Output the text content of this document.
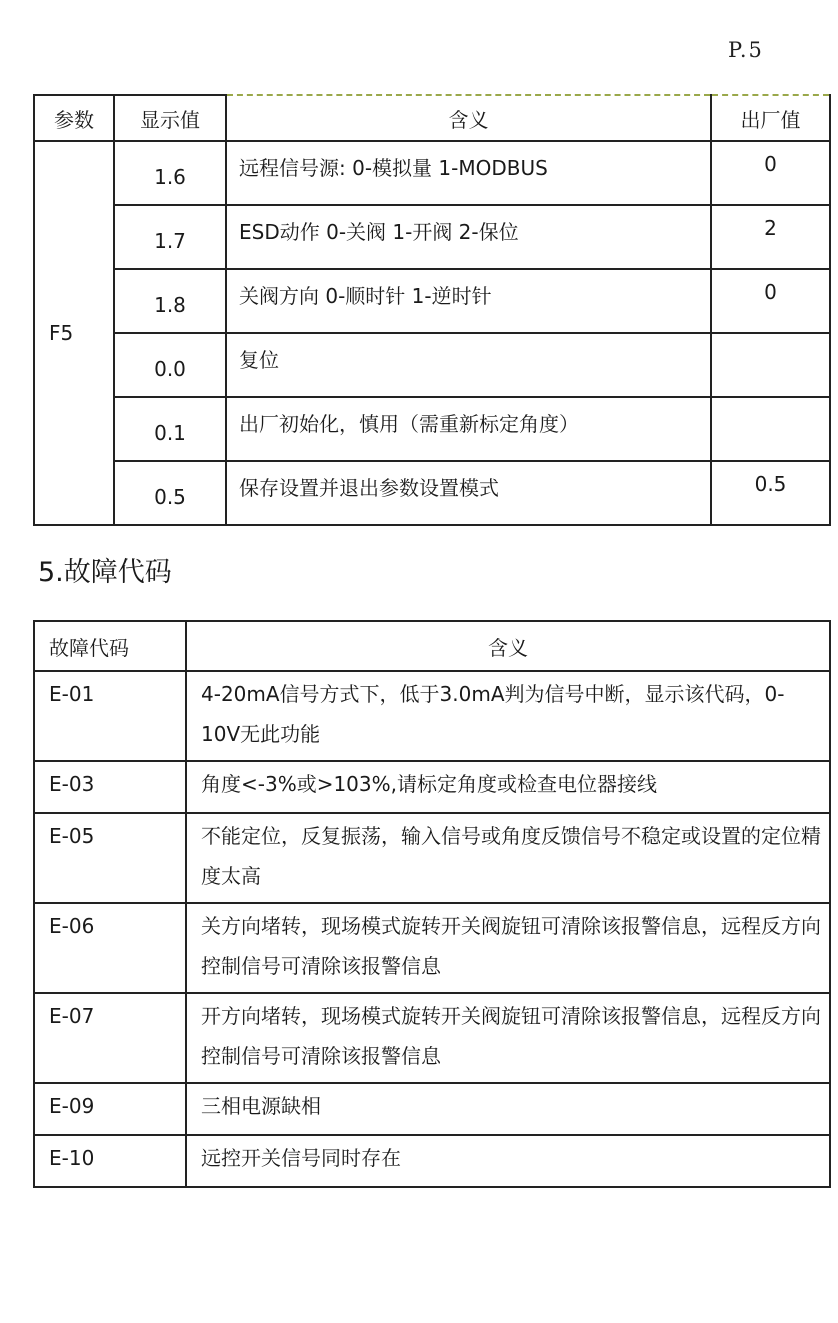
P.5
参数	显示值	含义	出厂值
F5	1.6	远程信号源: 0-模拟量 1-MODBUS	0
	1.7	ESD动作 0-关阀 1-开阀 2-保位	2
	1.8	关阀方向 0-顺时针 1-逆时针	0
	0.0	复位	
	0.1	出厂初始化，慎用（需重新标定角度）	
	0.5	保存设置并退出参数设置模式	0.5
5.故障代码
故障代码	含义
E-01	4-20mA信号方式下，低于3.0mA判为信号中断，显示该代码，0-10V无此功能
E-03	角度<-3%或>103%,请标定角度或检查电位器接线
E-05	不能定位，反复振荡，输入信号或角度反馈信号不稳定或设置的定位精度太高
E-06	关方向堵转，现场模式旋转开关阀旋钮可清除该报警信息，远程反方向控制信号可清除该报警信息
E-07	开方向堵转，现场模式旋转开关阀旋钮可清除该报警信息，远程反方向控制信号可清除该报警信息
E-09	三相电源缺相
E-10	远控开关信号同时存在
